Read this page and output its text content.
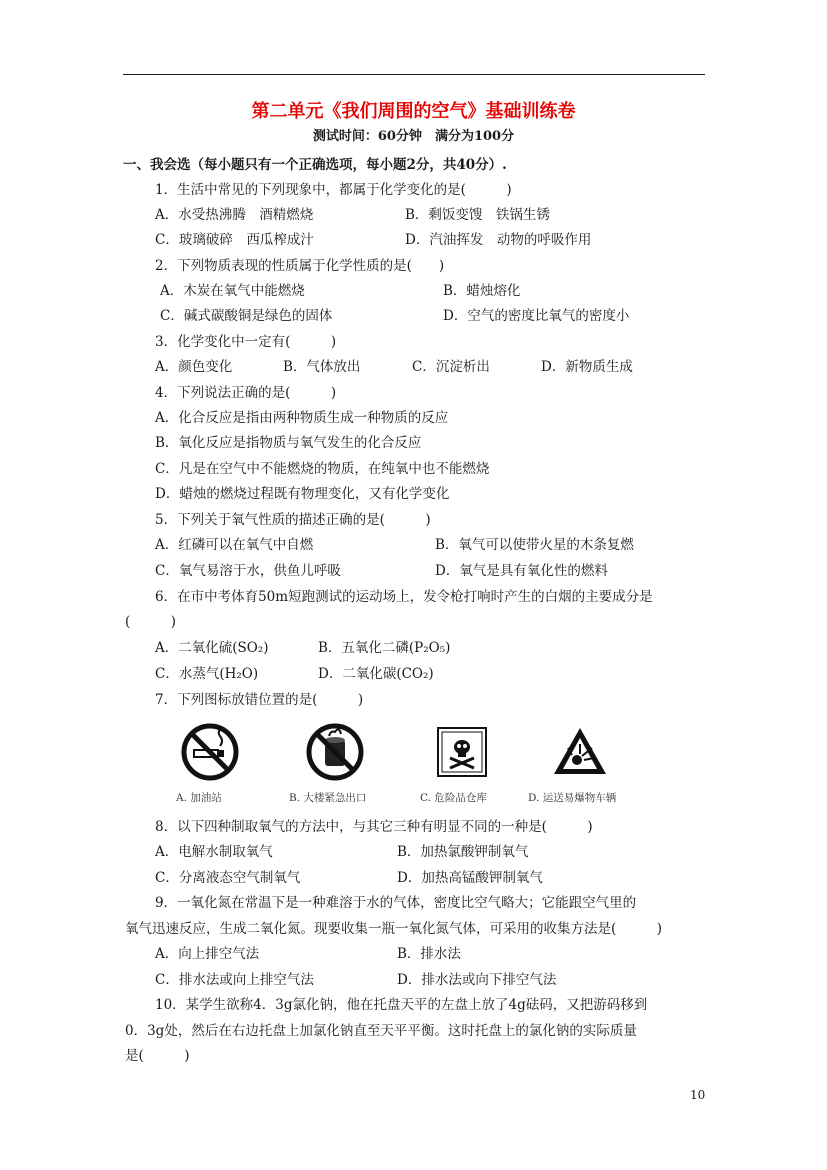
第二单元《我们周围的空气》基础训练卷
测试时间：60分钟　满分为100分
一、我会选（每小题只有一个正确选项，每小题2分，共40分）.
1．生活中常见的下列现象中，都属于化学变化的是(　　　)
A．水受热沸腾　酒精燃烧	B．剩饭变馊　铁锅生锈
C．玻璃破碎　西瓜榨成汁	D．汽油挥发　动物的呼吸作用
2．下列物质表现的性质属于化学性质的是(　　)
A．木炭在氧气中能燃烧	B．蜡烛熔化
C．碱式碳酸铜是绿色的固体	D．空气的密度比氧气的密度小
3．化学变化中一定有(　　　)
A．颜色变化	B．气体放出	C．沉淀析出	D．新物质生成
4．下列说法正确的是(　　　)
A．化合反应是指由两种物质生成一种物质的反应
B．氧化反应是指物质与氧气发生的化合反应
C．凡是在空气中不能燃烧的物质，在纯氧中也不能燃烧
D．蜡烛的燃烧过程既有物理变化，又有化学变化
5．下列关于氧气性质的描述正确的是(　　　)
A．红磷可以在氧气中自燃	B．氧气可以使带火星的木条复燃
C．氧气易溶于水，供鱼儿呼吸	D．氧气是具有氧化性的燃料
6．在市中考体育50m短跑测试的运动场上，发令枪打响时产生的白烟的主要成分是
(　　　)
A．二氧化硫(SO₂)	B．五氧化二磷(P₂O₅)
C．水蒸气(H₂O)	D．二氧化碳(CO₂)
7．下列图标放错位置的是(　　　)
A. 加油站	B. 大楼紧急出口	C. 危险品仓库	D. 运送易爆物车辆
8．以下四种制取氧气的方法中，与其它三种有明显不同的一种是(　　　)
A．电解水制取氧气	B．加热氯酸钾制氧气
C．分离液态空气制氧气	D．加热高锰酸钾制氧气
9．一氧化氮在常温下是一种难溶于水的气体，密度比空气略大；它能跟空气里的
氧气迅速反应，生成二氧化氮。现要收集一瓶一氧化氮气体，可采用的收集方法是(　　　)
A．向上排空气法	B．排水法
C．排水法或向上排空气法	D．排水法或向下排空气法
10．某学生欲称4．3g氯化钠，他在托盘天平的左盘上放了4g砝码，又把游码移到
0．3g处，然后在右边托盘上加氯化钠直至天平平衡。这时托盘上的氯化钠的实际质量
是(　　　)
10
